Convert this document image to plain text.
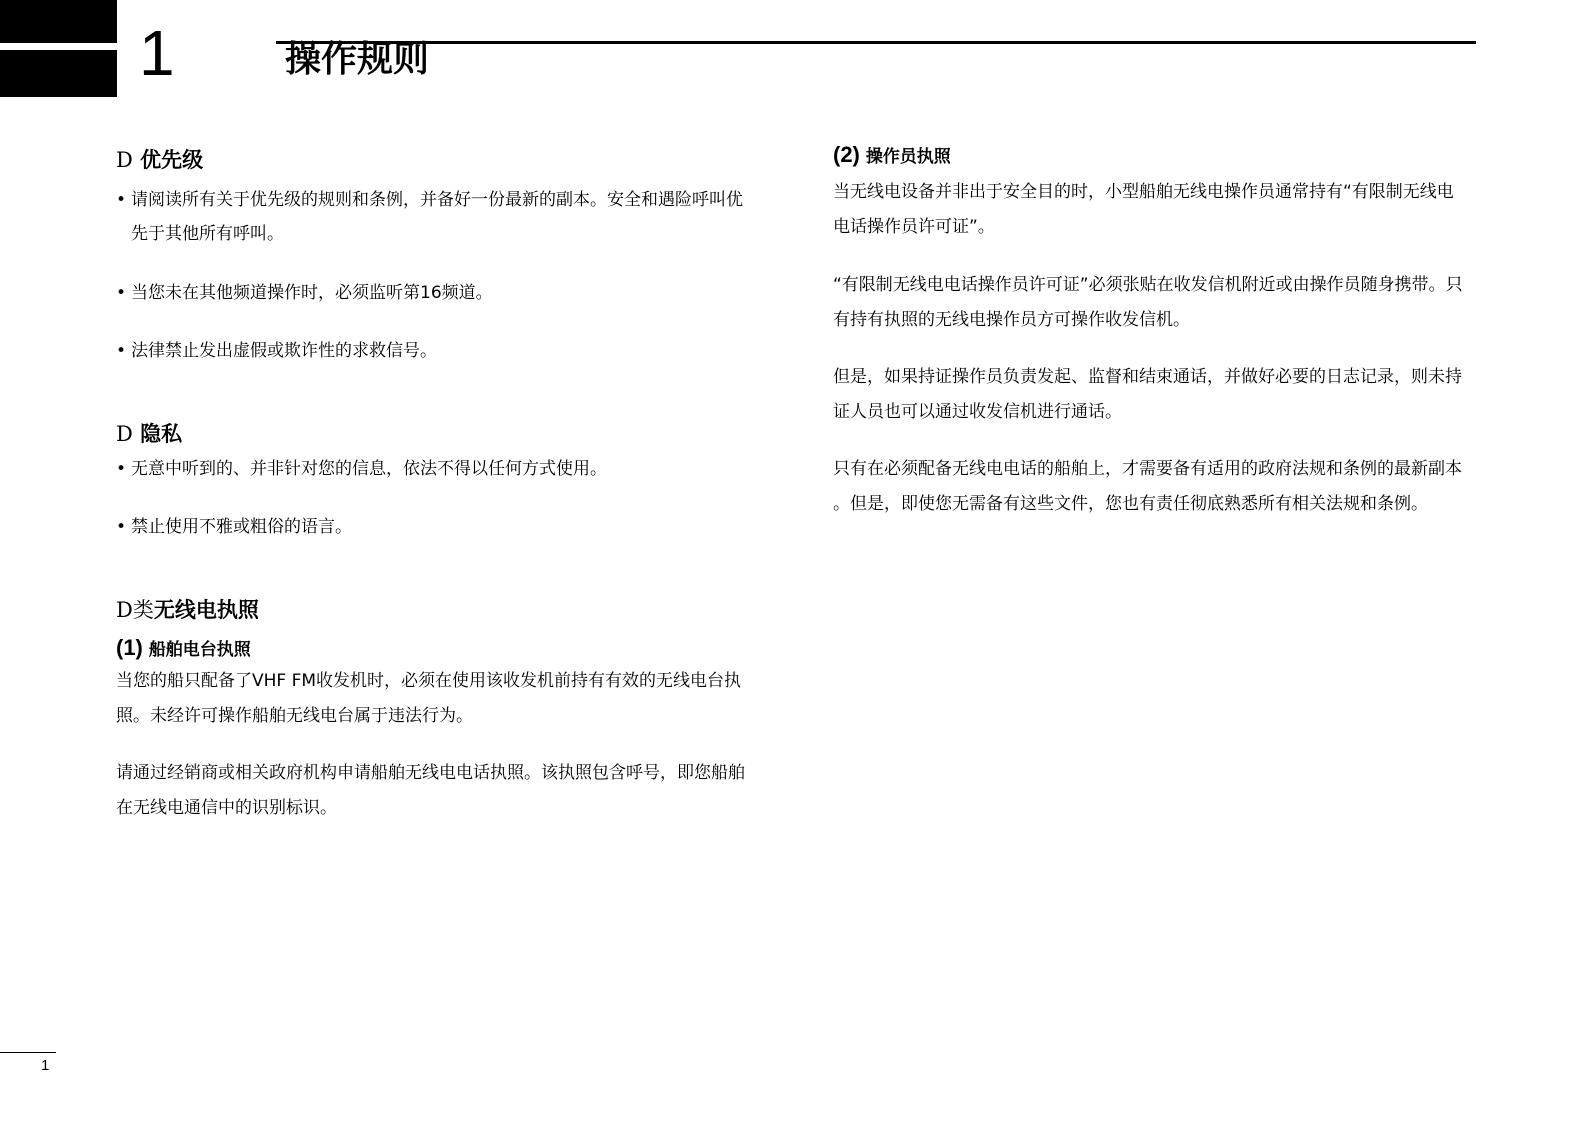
1	操作规则
D 优先级
• 请阅读所有关于优先级的规则和条例，并备好一份最新的副本。安全和遇险呼叫优
先于其他所有呼叫。
• 当您未在其他频道操作时，必须监听第16频道。
• 法律禁止发出虚假或欺诈性的求救信号。
D 隐私
• 无意中听到的、并非针对您的信息，依法不得以任何方式使用。
• 禁止使用不雅或粗俗的语言。
D类无线电执照
(1) 船舶电台执照
当您的船只配备了VHF FM收发机时，必须在使用该收发机前持有有效的无线电台执
照。未经许可操作船舶无线电台属于违法行为。
请通过经销商或相关政府机构申请船舶无线电电话执照。该执照包含呼号，即您船舶
在无线电通信中的识别标识。
(2) 操作员执照
当无线电设备并非出于安全目的时，小型船舶无线电操作员通常持有“有限制无线电
电话操作员许可证”。
“有限制无线电电话操作员许可证”必须张贴在收发信机附近或由操作员随身携带。只
有持有执照的无线电操作员方可操作收发信机。
但是，如果持证操作员负责发起、监督和结束通话，并做好必要的日志记录，则未持
证人员也可以通过收发信机进行通话。
只有在必须配备无线电电话的船舶上，才需要备有适用的政府法规和条例的最新副本
。但是，即使您无需备有这些文件，您也有责任彻底熟悉所有相关法规和条例。
1
